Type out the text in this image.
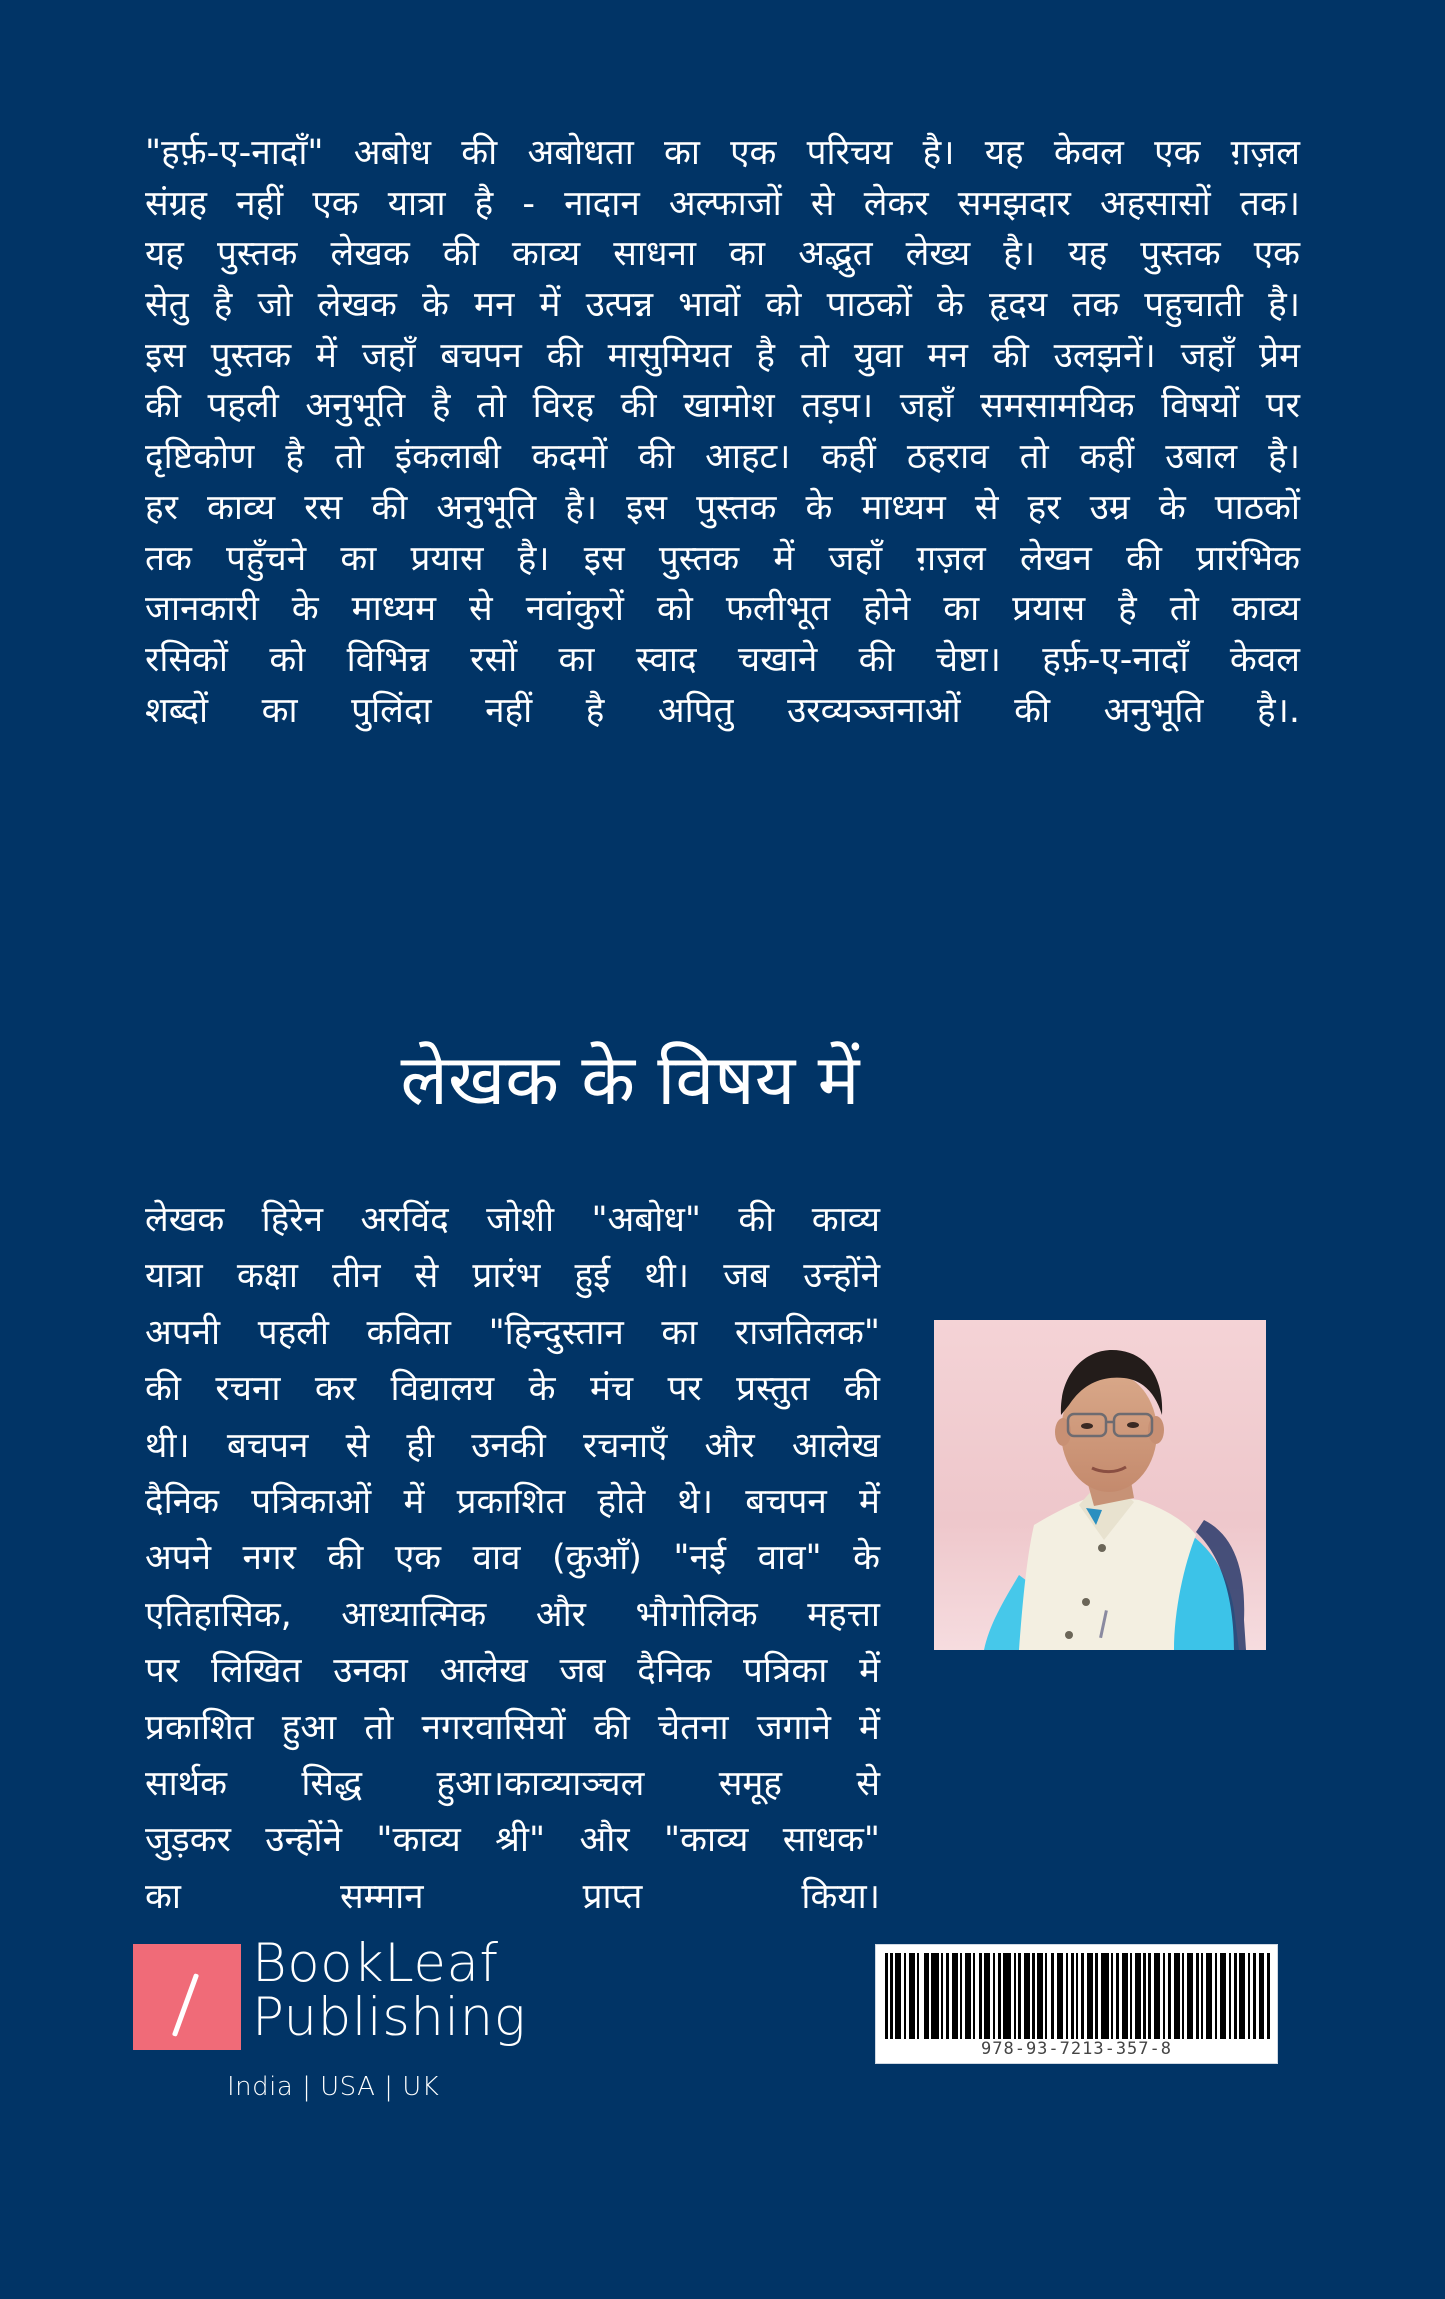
"हर्फ़-ए-नादाँ" अबोध की अबोधता का एक परिचय है। यह केवल एक ग़ज़ल
संग्रह नहीं एक यात्रा है - नादान अल्फाजों से लेकर समझदार अहसासों तक।
यह पुस्तक लेखक की काव्य साधना का अद्भुत लेख्य है। यह पुस्तक एक
सेतु है जो लेखक के मन में उत्पन्न भावों को पाठकों के हृदय तक पहुचाती है।
इस पुस्तक में जहाँ बचपन की मासुमियत है तो युवा मन की उलझनें। जहाँ प्रेम
की पहली अनुभूति है तो विरह की खामोश तड़प। जहाँ समसामयिक विषयों पर
दृष्टिकोण है तो इंकलाबी कदमों की आहट। कहीं ठहराव तो कहीं उबाल है।
हर काव्य रस की अनुभूति है। इस पुस्तक के माध्यम से हर उम्र के पाठकों
तक पहुँचने का प्रयास है। इस पुस्तक में जहाँ ग़ज़ल लेखन की प्रारंभिक
जानकारी के माध्यम से नवांकुरों को फलीभूत होने का प्रयास है तो काव्य
रसिकों को विभिन्न रसों का स्वाद चखाने की चेष्टा। हर्फ़-ए-नादाँ केवल
शब्दों का पुलिंदा नहीं है अपितु उरव्यञ्जनाओं की अनुभूति है।.
लेखक के विषय में
लेखक हिरेन अरविंद जोशी "अबोध" की काव्य
यात्रा कक्षा तीन से प्रारंभ हुई थी। जब उन्होंने
अपनी पहली कविता "हिन्दुस्तान का राजतिलक"
की रचना कर विद्यालय के मंच पर प्रस्तुत की
थी। बचपन से ही उनकी रचनाएँ और आलेख
दैनिक पत्रिकाओं में प्रकाशित होते थे। बचपन में
अपने नगर की एक वाव (कुआँ) "नई वाव" के
एतिहासिक, आध्यात्मिक और भौगोलिक महत्ता
पर लिखित उनका आलेख जब दैनिक पत्रिका में
प्रकाशित हुआ तो नगरवासियों की चेतना जगाने में
सार्थक सिद्ध हुआ।काव्याञ्चल समूह से
जुड़कर उन्होंने "काव्य श्री" और "काव्य साधक"
का सम्मान प्राप्त किया।
BookLeaf
Publishing
India | USA | UK
978-93-7213-357-8
